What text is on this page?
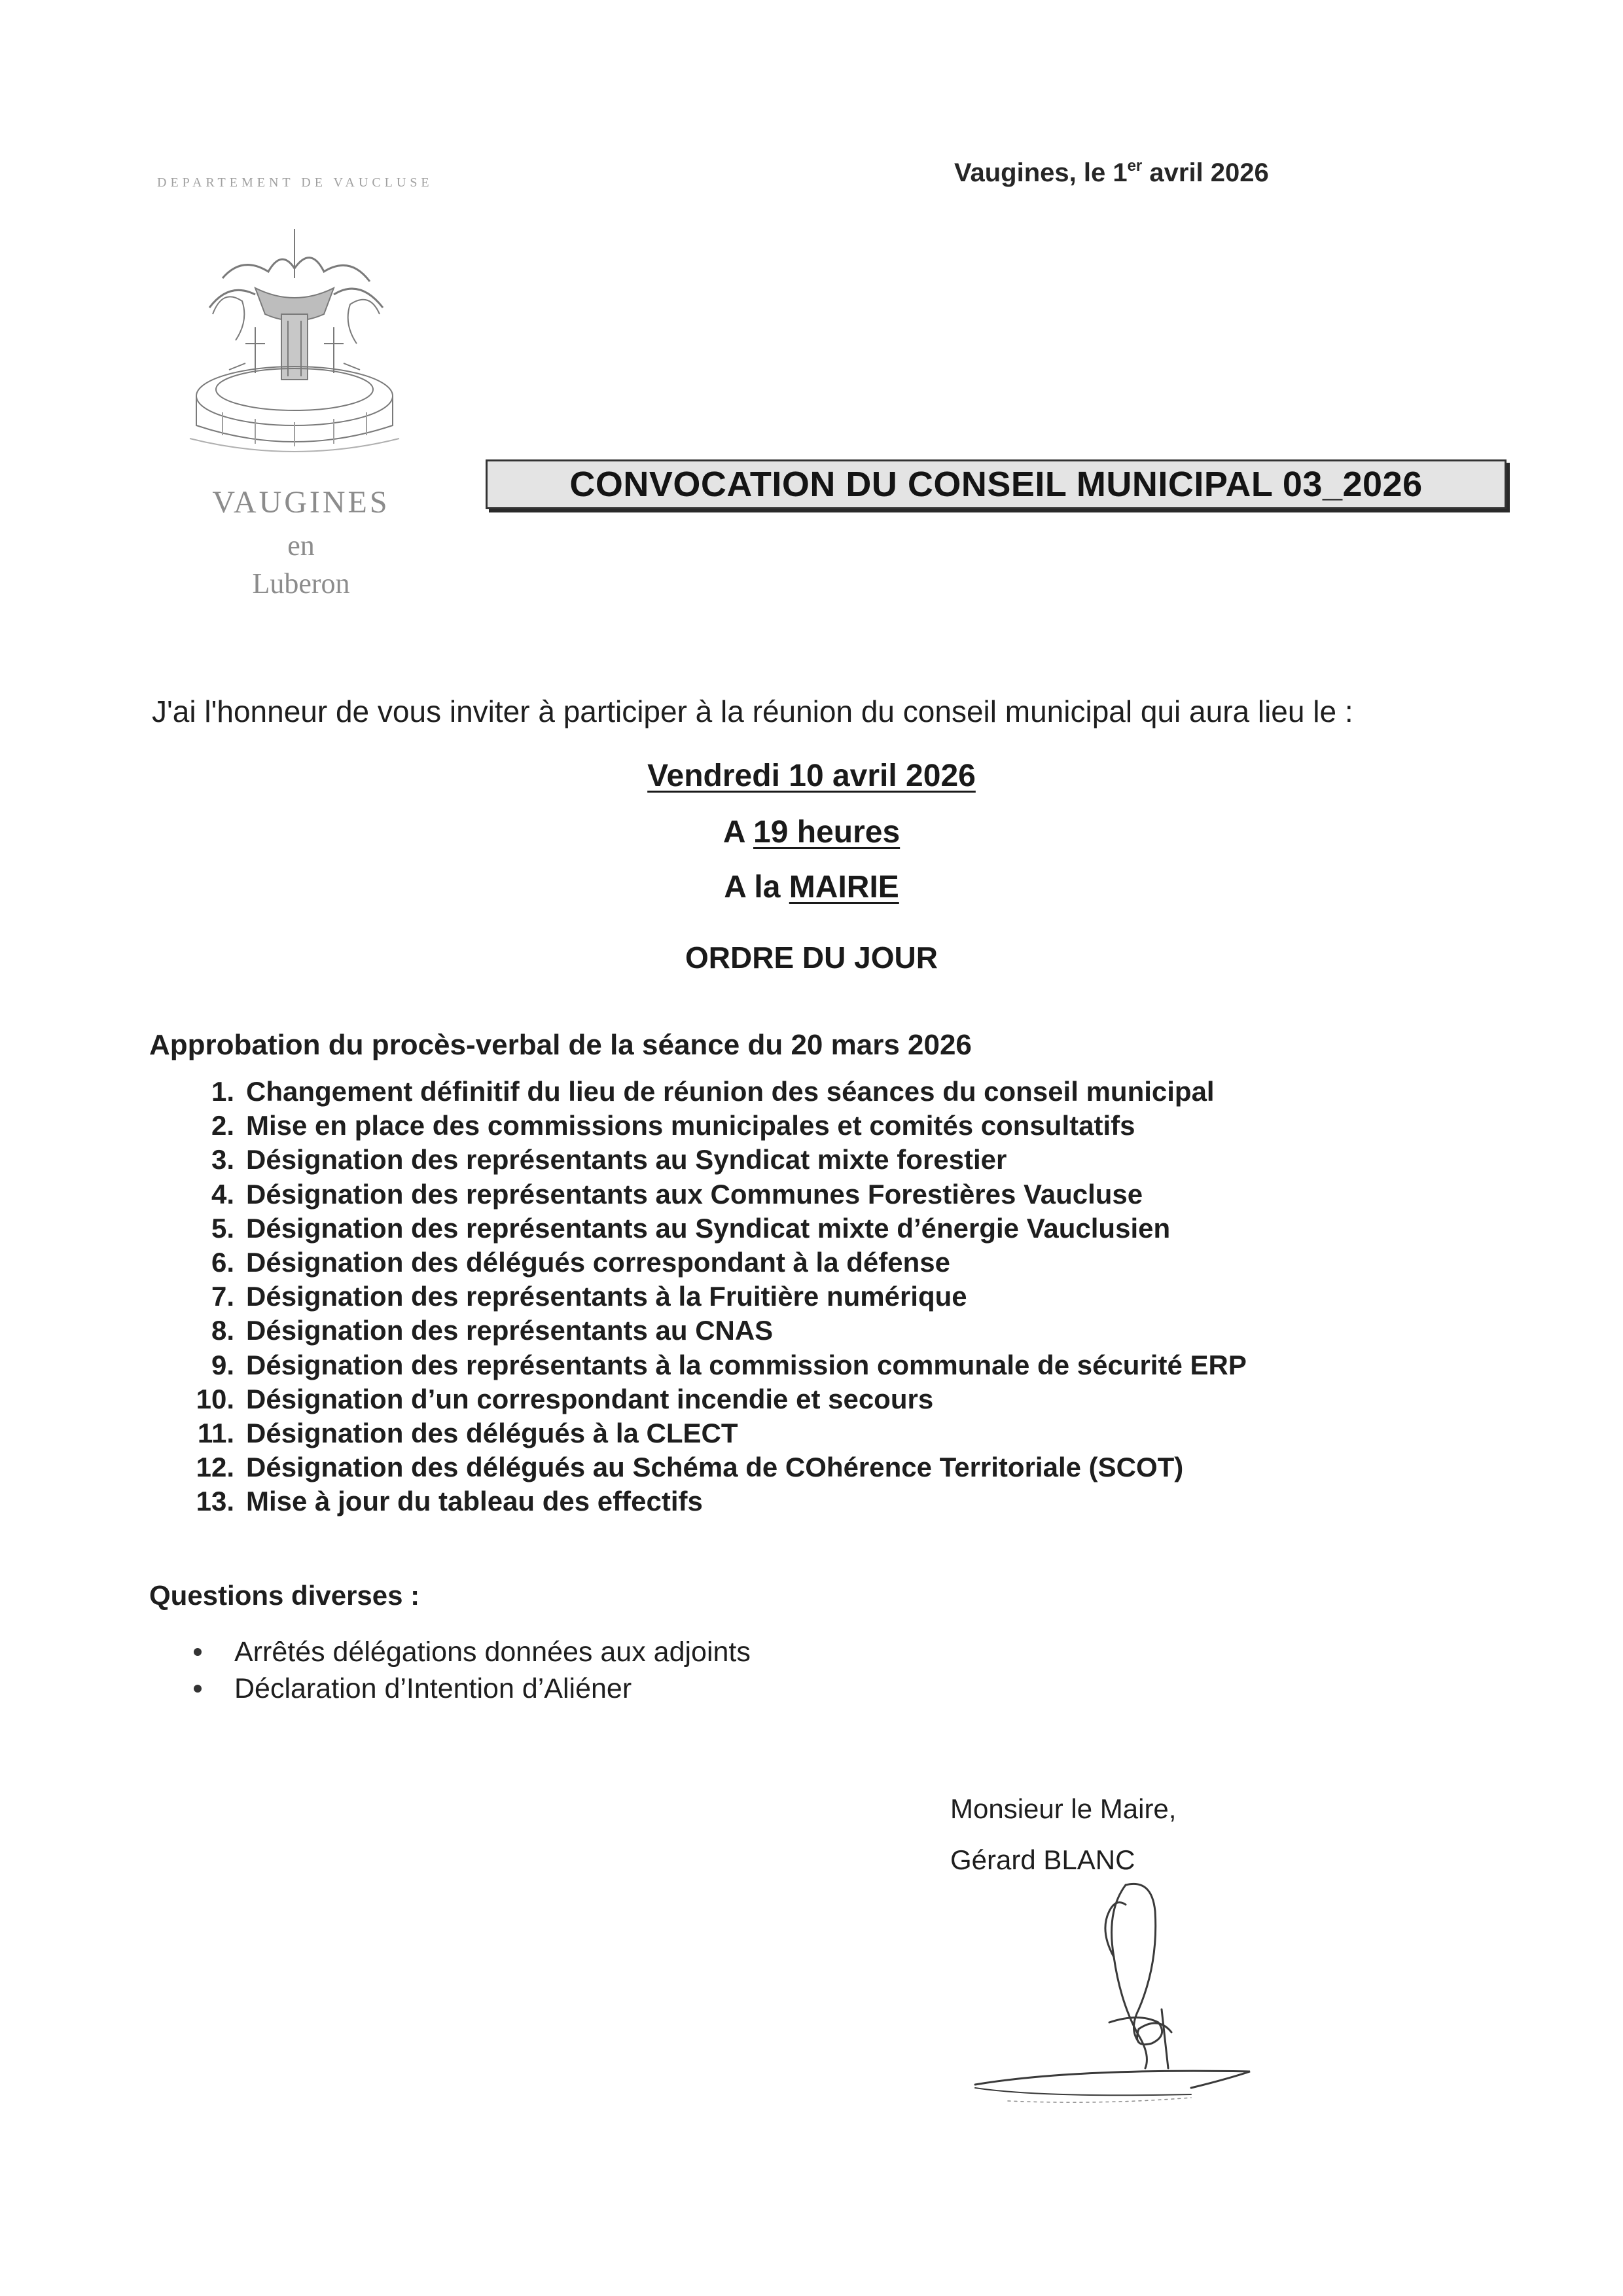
DEPARTEMENT DE VAUCLUSE
VAUGINES
en
Luberon
Vaugines, le 1er avril 2026
CONVOCATION DU CONSEIL MUNICIPAL 03_2026
J'ai l'honneur de vous inviter à participer à la réunion du conseil municipal qui aura lieu le :
Vendredi 10 avril 2026
A 19 heures
A la MAIRIE
ORDRE DU JOUR
Approbation du procès-verbal de la séance du 20 mars 2026
1. Changement définitif du lieu de réunion des séances du conseil municipal
2. Mise en place des commissions municipales et comités consultatifs
3. Désignation des représentants au Syndicat mixte forestier
4. Désignation des représentants aux Communes Forestières Vaucluse
5. Désignation des représentants au Syndicat mixte d’énergie Vauclusien
6. Désignation des délégués correspondant à la défense
7. Désignation des représentants à la Fruitière numérique
8. Désignation des représentants au CNAS
9. Désignation des représentants à la commission communale de sécurité ERP
10. Désignation d’un correspondant incendie et secours
11. Désignation des délégués à la CLECT
12. Désignation des délégués au Schéma de COhérence Territoriale (SCOT)
13. Mise à jour du tableau des effectifs
Questions diverses :
Arrêtés délégations données aux adjoints
Déclaration d’Intention d’Aliéner
Monsieur le Maire,
Gérard BLANC
